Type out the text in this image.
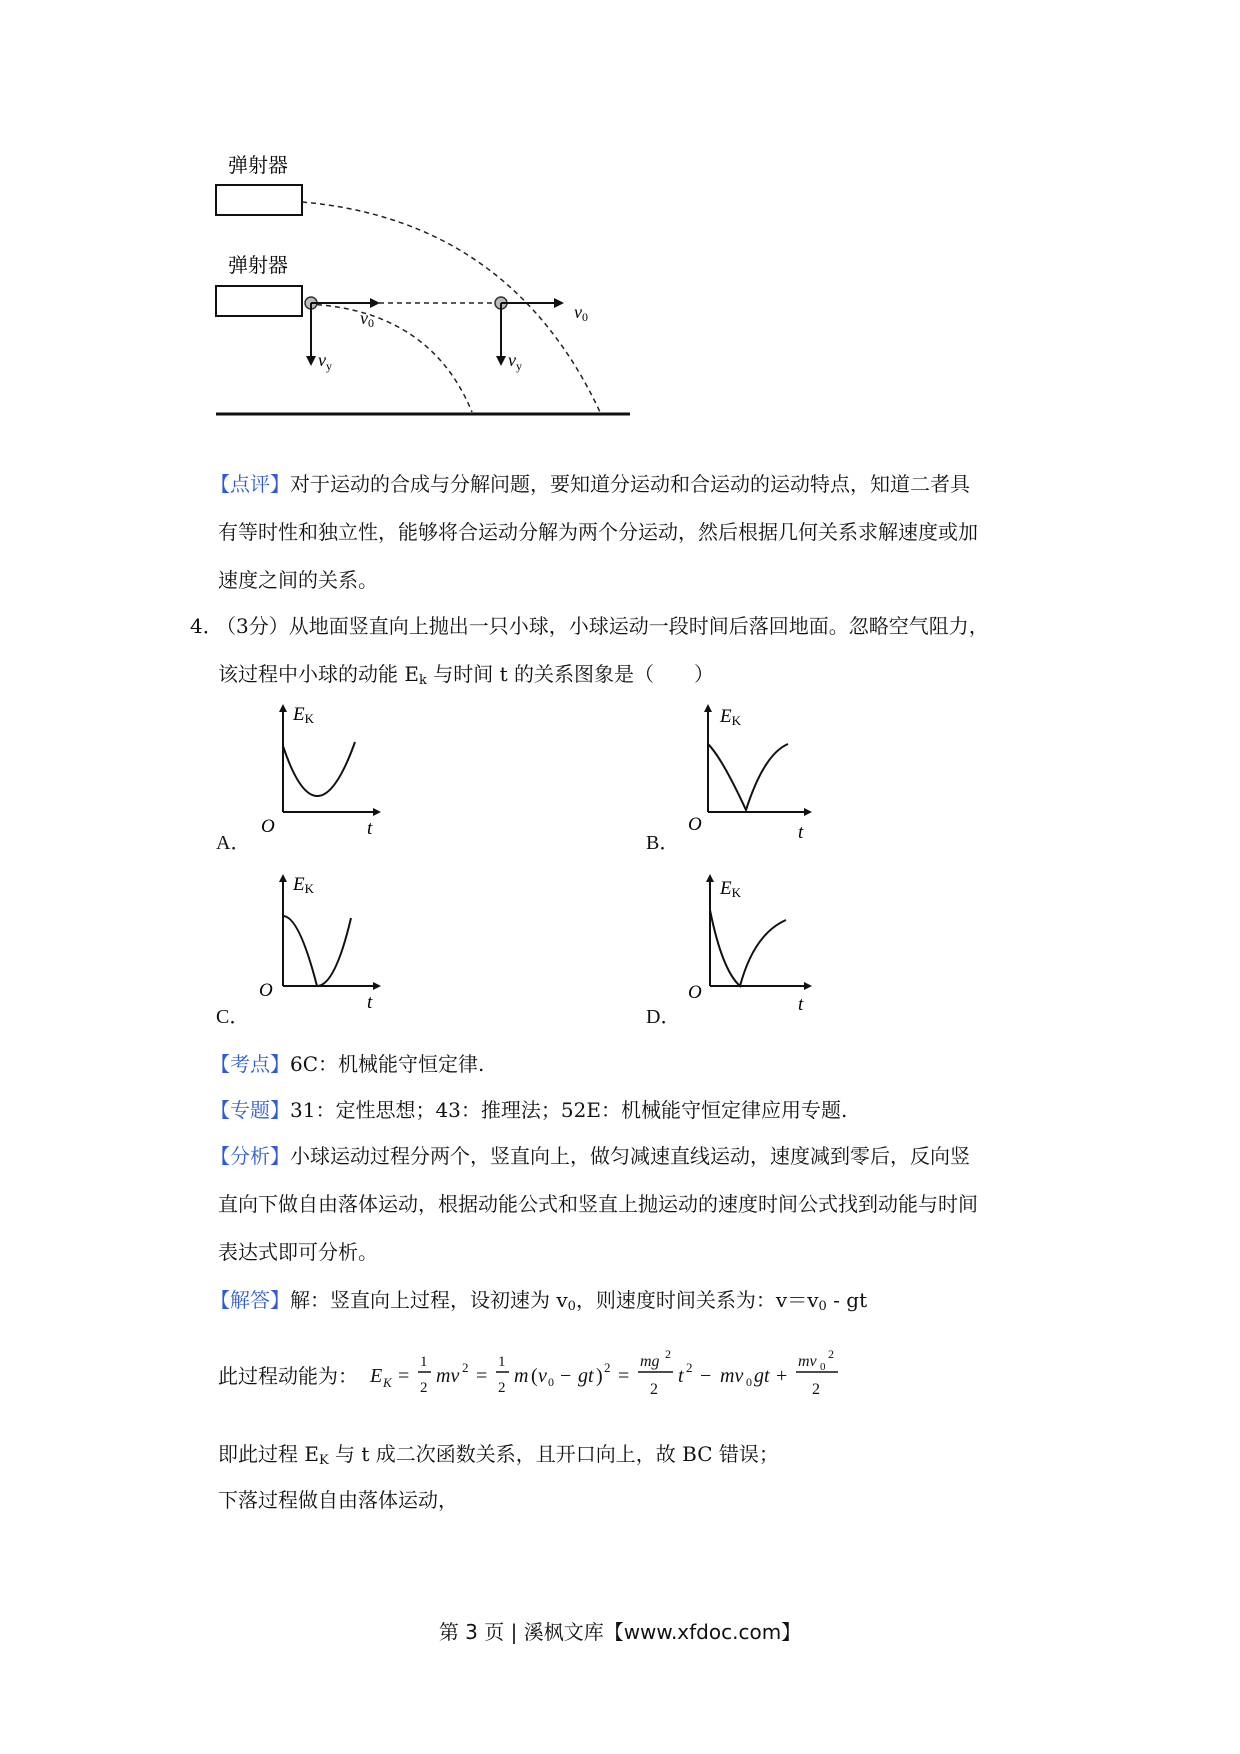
弹射器
弹射器
v0
$v_y$
v0
$v_y$
【点评】对于运动的合成与分解问题，要知道分运动和合运动的运动特点，知道二者具
有等时性和独立性，能够将合运动分解为两个分运动，然后根据几何关系求解速度或加
速度之间的关系。
4．
（3分）从地面竖直向上抛出一只小球，小球运动一段时间后落回地面。忽略空气阻力，
该过程中小球的动能 $E_k$ 与时间 t 的关系图象是（　　）
EK
O	t
A．
EK
O	t
B．
EK
O
t
C．
EK
O
t
D．
【考点】6C：机械能守恒定律.
【专题】31：定性思想；43：推理法；52E：机械能守恒定律应用专题.
【分析】小球运动过程分两个，竖直向上，做匀减速直线运动，速度减到零后，反向竖
直向下做自由落体运动，根据动能公式和竖直上抛运动的速度时间公式找到动能与时间
表达式即可分析。
【解答】解：竖直向上过程，设初速为 $v_0$，则速度时间关系为：$v=v_0$ - gt
此过程动能为： E K =
1
2
mv 2 =
1
2
m ( v 0 − gt ) 2 =
mg 2
2
t 2 − mv 0 gt +
mv 0
2
2
即此过程 $E_K$ 与 t 成二次函数关系，且开口向上，故 BC 错误；
下落过程做自由落体运动，
第 3 页 | 溪枫文库【www.xfdoc.com】
